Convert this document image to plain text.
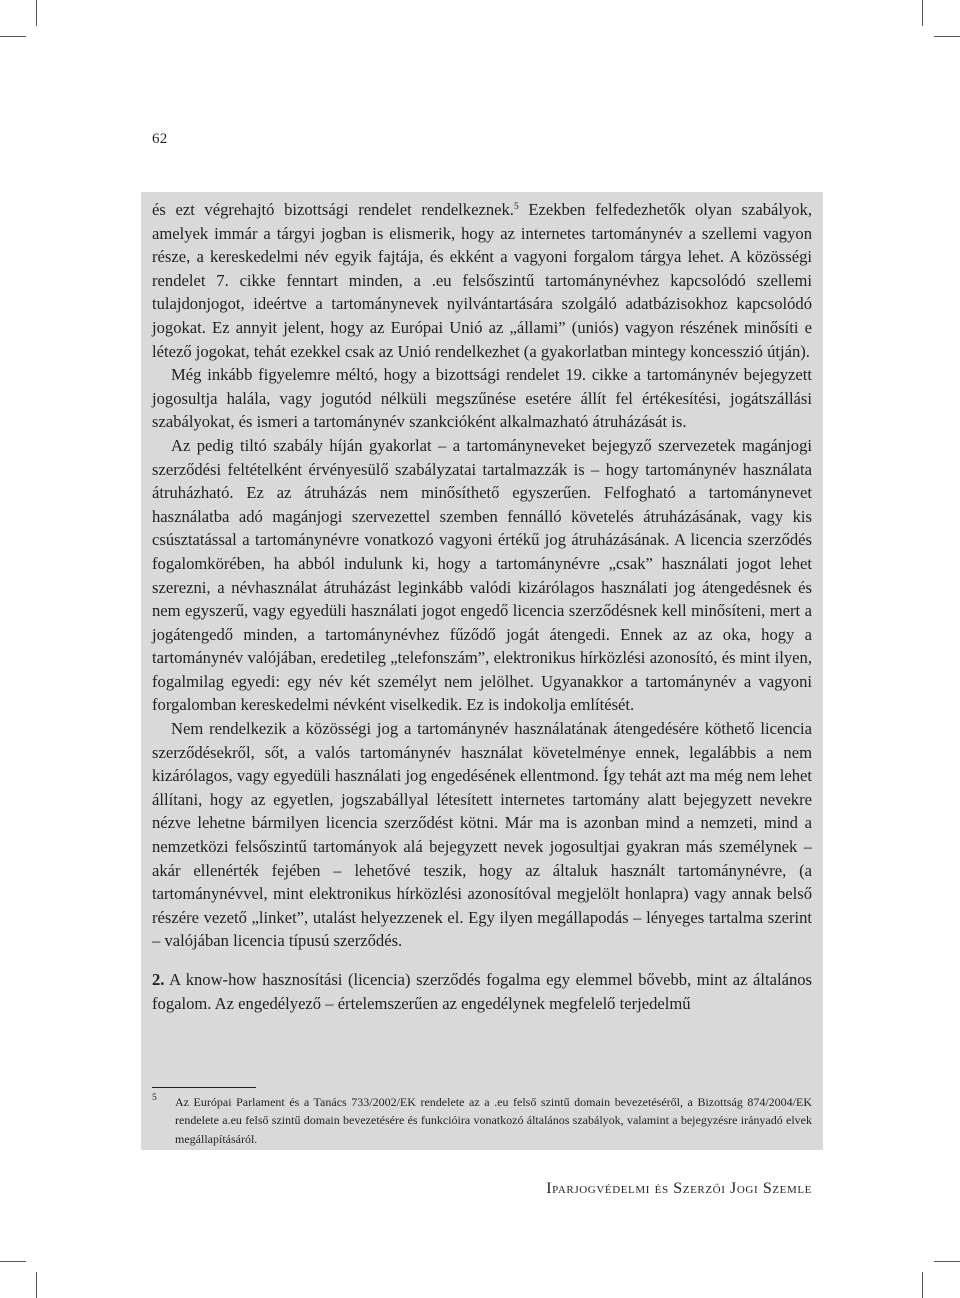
62

és ezt végrehajtó bizottsági rendelet rendelkeznek.$^5$ Ezekben felfedezhetők olyan szabályok, amelyek immár a tárgyi jogban is elismerik, hogy az internetes tartománynév a szellemi vagyon része, a kereskedelmi név egyik fajtája, és ekként a vagyoni forgalom tárgya lehet. A közösségi rendelet 7. cikke fenntart minden, a .eu felsőszintű tartománynévhez kapcsolódó szellemi tulajdonjogot, ideértve a tartománynevek nyilvántartására szolgáló adatbázisokhoz kapcsolódó jogokat. Ez annyit jelent, hogy az Európai Unió az „állami” (uniós) vagyon részének minősíti e létező jogokat, tehát ezekkel csak az Unió rendelkezhet (a gyakorlatban mintegy koncesszió útján).

Még inkább figyelemre méltó, hogy a bizottsági rendelet 19. cikke a tartománynév bejegyzett jogosultja halála, vagy jogutód nélküli megszűnése esetére állít fel értékesítési, jogátszállási szabályokat, és ismeri a tartománynév szankcióként alkalmazható átruházását is.

Az pedig tiltó szabály híján gyakorlat – a tartományneveket bejegyző szervezetek magánjogi szerződési feltételként érvényesülő szabályzatai tartalmazzák is – hogy tartománynév használata átruházható. Ez az átruházás nem minősíthető egyszerűen. Felfogható a tartománynevet használatba adó magánjogi szervezettel szemben fennálló követelés átruházásának, vagy kis csúsztatással a tartománynévre vonatkozó vagyoni értékű jog átruházásának. A licencia szerződés fogalomkörében, ha abból indulunk ki, hogy a tartománynévre „csak” használati jogot lehet szerezni, a névhasználat átruházást leginkább valódi kizárólagos használati jog átengedésnek és nem egyszerű, vagy egyedüli használati jogot engedő licencia szerződésnek kell minősíteni, mert a jogátengedő minden, a tartománynévhez fűződő jogát átengedi. Ennek az az oka, hogy a tartománynév valójában, eredetileg „telefonszám”, elektronikus hírközlési azonosító, és mint ilyen, fogalmilag egyedi: egy név két személyt nem jelölhet. Ugyanakkor a tartománynév a vagyoni forgalomban kereskedelmi névként viselkedik. Ez is indokolja említését.

Nem rendelkezik a közösségi jog a tartománynév használatának átengedésére köthető licencia szerződésekről, sőt, a valós tartománynév használat követelménye ennek, legalábbis a nem kizárólagos, vagy egyedüli használati jog engedésének ellentmond. Így tehát azt ma még nem lehet állítani, hogy az egyetlen, jogszabállyal létesített internetes tartomány alatt bejegyzett nevekre nézve lehetne bármilyen licencia szerződést kötni. Már ma is azonban mind a nemzeti, mind a nemzetközi felsőszintű tartományok alá bejegyzett nevek jogosultjai gyakran más személynek – akár ellenérték fejében – lehetővé teszik, hogy az általuk használt tartománynévre, (a tartománynévvel, mint elektronikus hírközlési azonosítóval megjelölt honlapra) vagy annak belső részére vezető „linket”, utalást helyezzenek el. Egy ilyen megállapodás – lényeges tartalma szerint – valójában licencia típusú szerződés.

2. A know-how hasznosítási (licencia) szerződés fogalma egy elemmel bővebb, mint az általános fogalom. Az engedélyező – értelemszerűen az engedélynek megfelelő terjedelmű

5 Az Európai Parlament és a Tanács 733/2002/EK rendelete az a .eu felső szintű domain bevezetéséről, a Bizottság 874/2004/EK rendelete a.eu felső szintű domain bevezetésére és funkcióira vonatkozó általános szabályok, valamint a bejegyzésre irányadó elvek megállapításáról.
Iparjogvédelmi és Szerzői Jogi Szemle
